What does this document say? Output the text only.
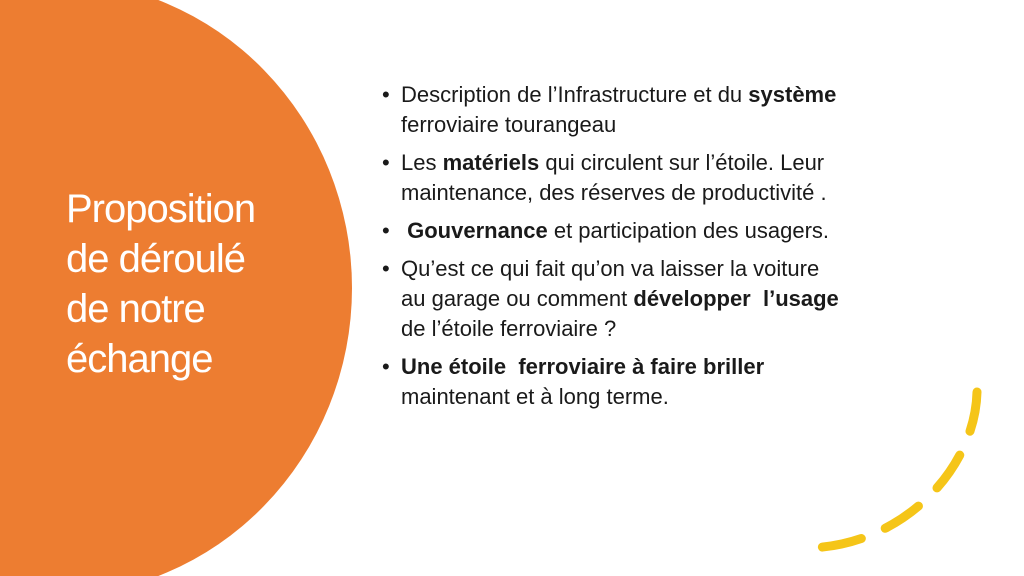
Proposition
de déroulé
de notre
échange
• Description de l’Infrastructure et du système
ferroviaire tourangeau
• Les matériels qui circulent sur l’étoile. Leur
maintenance, des réserves de productivité .
• Gouvernance et participation des usagers.
• Qu’est ce qui fait qu’on va laisser la voiture
au garage ou comment développer  l’usage
de l’étoile ferroviaire ?
• Une étoile  ferroviaire à faire briller
maintenant et à long terme.
